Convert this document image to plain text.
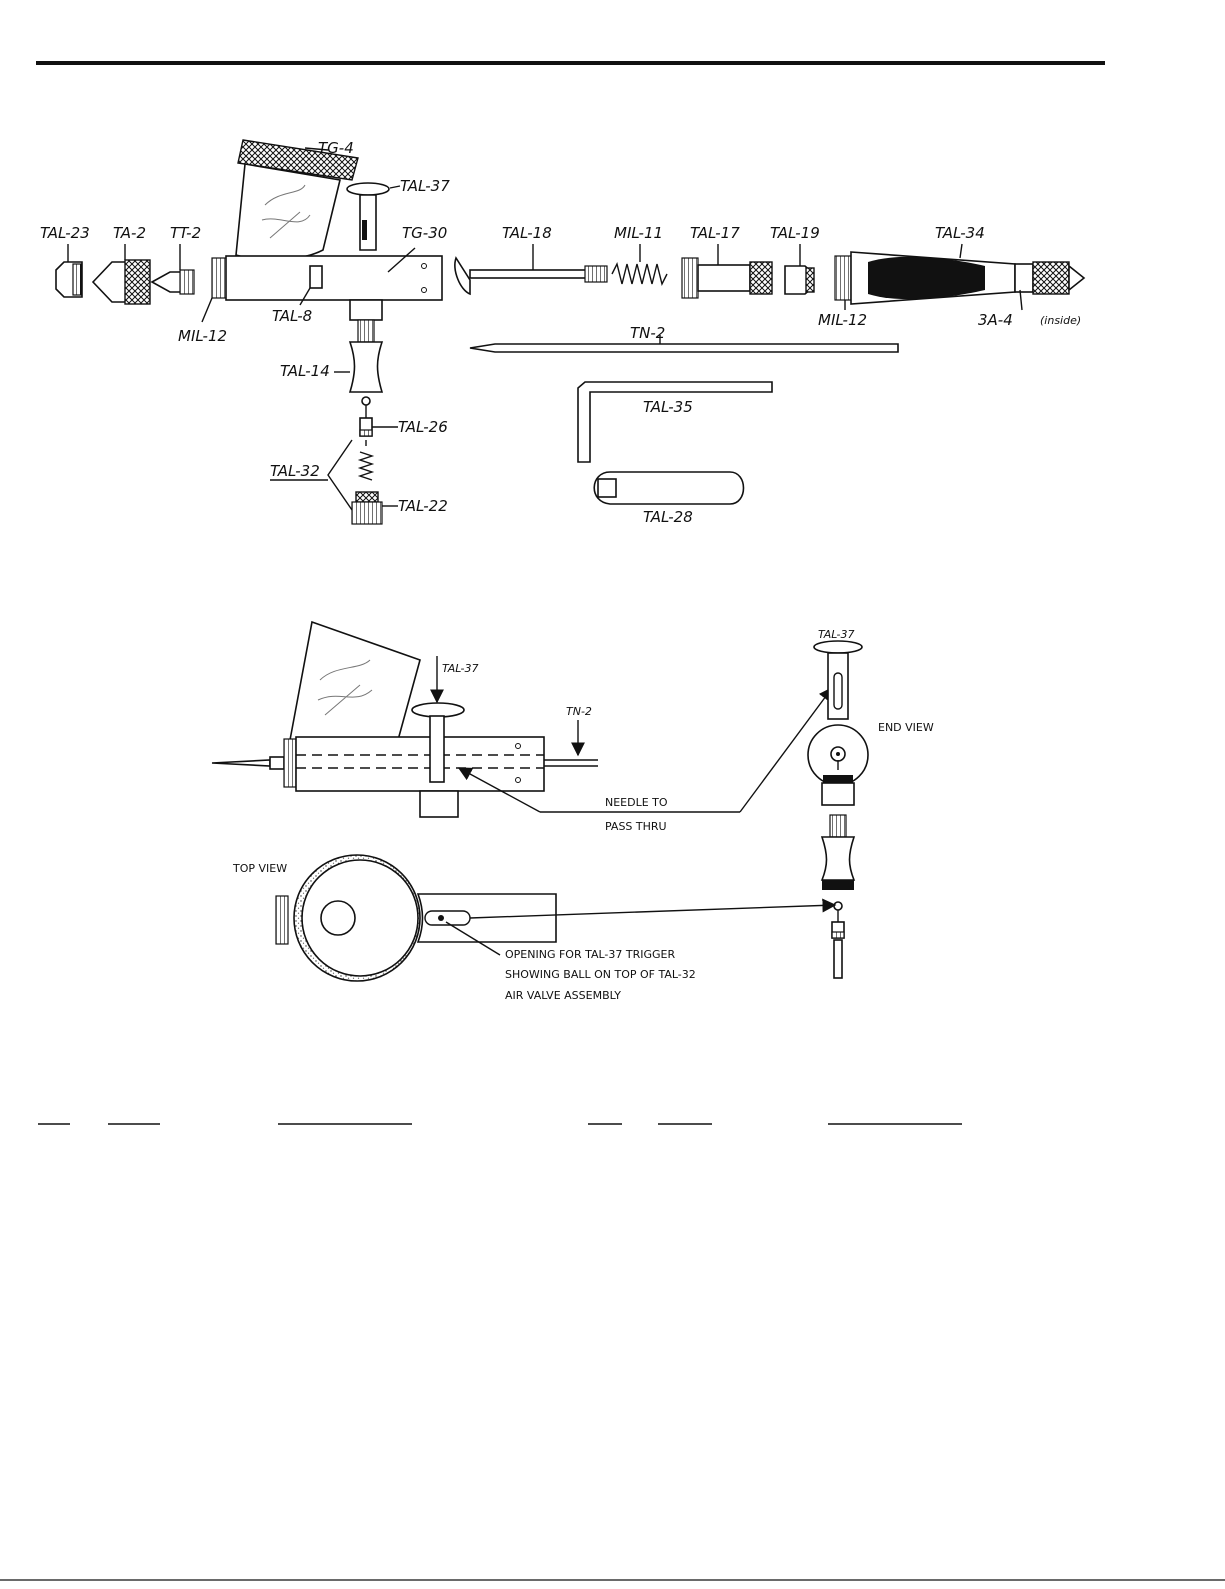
TG-4
TAL-37
TAL-23 TA-2 TT-2	TG-30	TAL-18	MIL-11 TAL-17 TAL-19	TAL-34
MIL-12
TAL-8	MIL-12	3A-4 (inside)
TN-2
TAL-14
TAL-26
TAL-32
TAL-22
TAL-35
TAL-28
TAL-37
TN-2
NEEDLE TO
PASS THRU
TAL-37
END VIEW
TOP VIEW
OPENING FOR TAL-37 TRIGGER
SHOWING BALL ON TOP OF TAL-32
AIR VALVE ASSEMBLY
